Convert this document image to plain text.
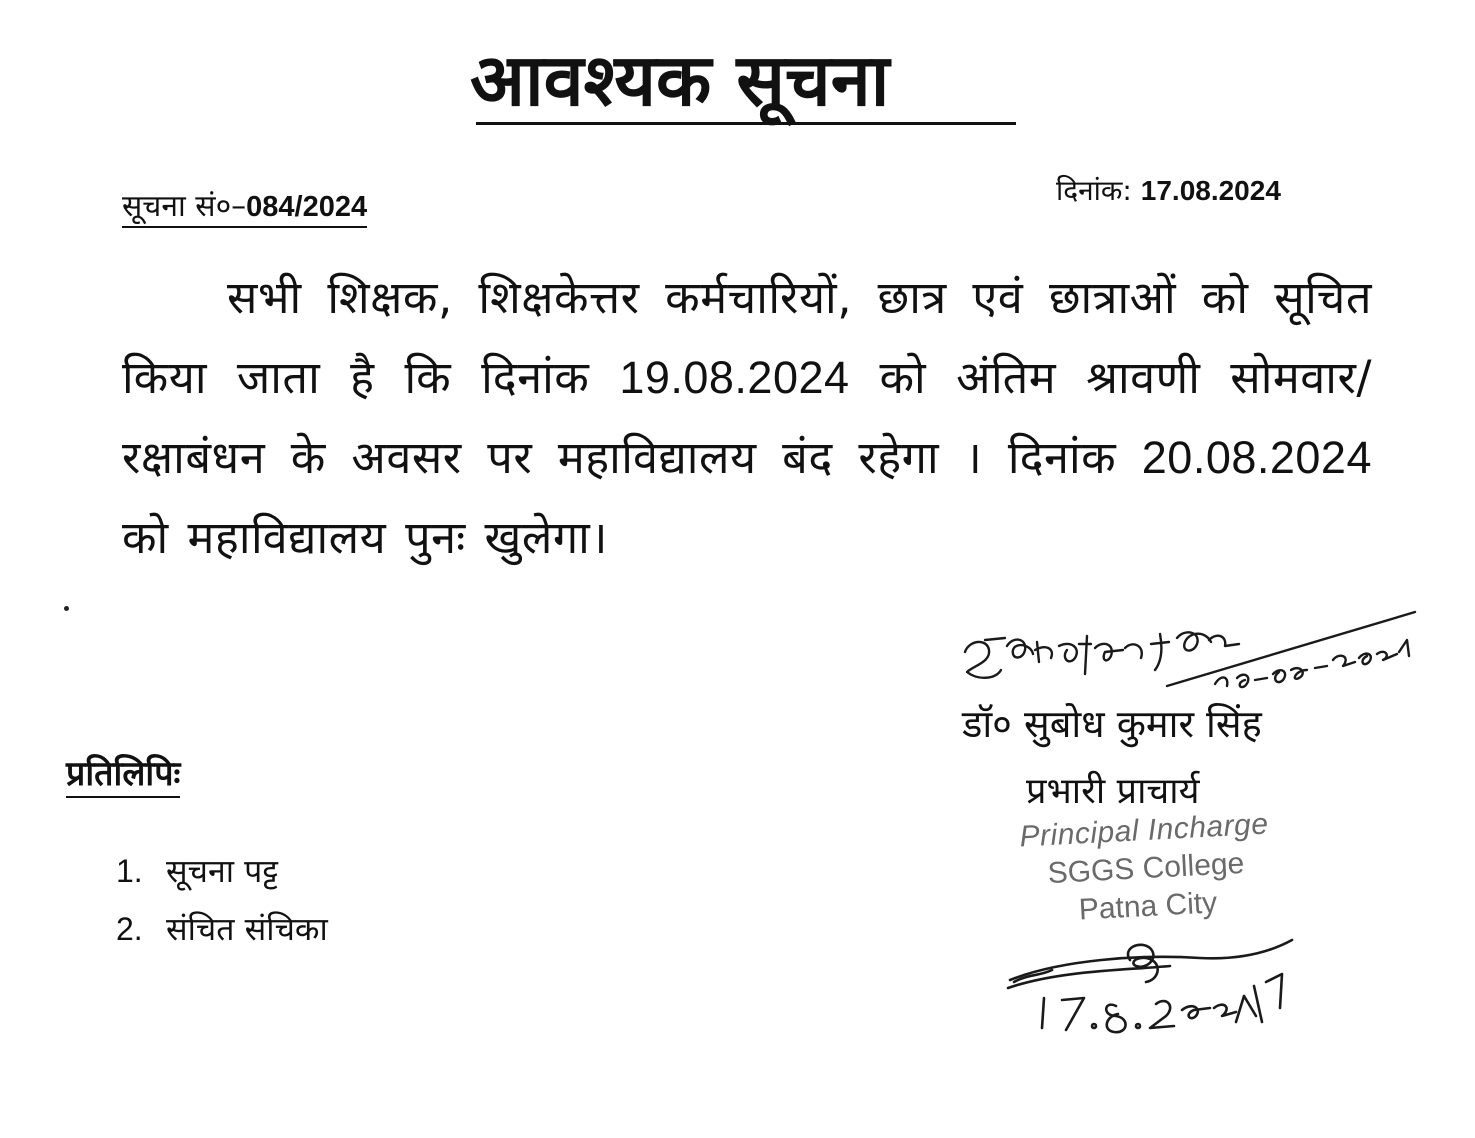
आवश्यक सूचना
सूचना सं०–084/2024	दिनांक: 17.08.2024

सभी शिक्षक, शिक्षकेत्तर कर्मचारियों, छात्र एवं छात्राओं को सूचित किया जाता है कि दिनांक 19.08.2024 को अंतिम श्रावणी सोमवार/रक्षाबंधन के अवसर पर महाविद्यालय बंद रहेगा । दिनांक 20.08.2024 को महाविद्यालय पुनः खुलेगा।

डॉ० सुबोध कुमार सिंह
प्रभारी प्राचार्य
Principal Incharge
SGGS College
Patna City
प्रतिलिपिः
1. सूचना पट्ट
2. संचित संचिका
